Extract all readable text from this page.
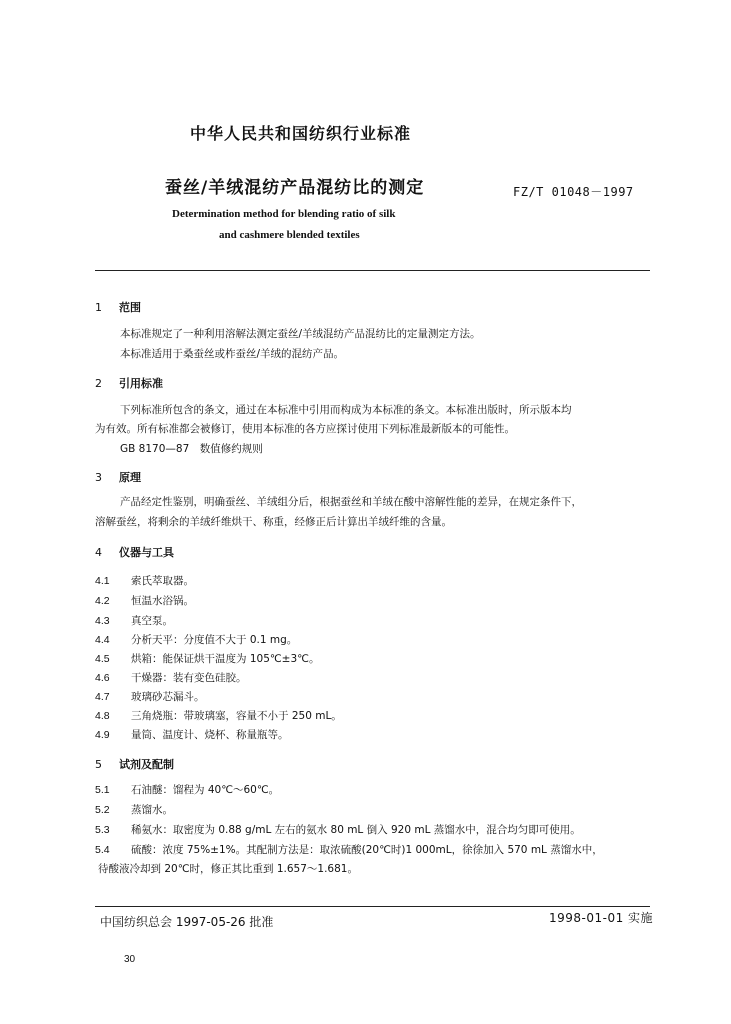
中华人民共和国纺织行业标准
蚕丝/羊绒混纺产品混纺比的测定	FZ/T 01048－1997
Determination method for blending ratio of silk
and cashmere blended textiles
1 范围
本标准规定了一种利用溶解法测定蚕丝/羊绒混纺产品混纺比的定量测定方法。
本标准适用于桑蚕丝或柞蚕丝/羊绒的混纺产品。
2 引用标准
下列标准所包含的条文，通过在本标准中引用而构成为本标准的条文。本标准出版时，所示版本均
为有效。所有标准都会被修订，使用本标准的各方应探讨使用下列标准最新版本的可能性。
GB 8170—87　数值修约规则
3 原理
产品经定性鉴别，明确蚕丝、羊绒组分后，根据蚕丝和羊绒在酸中溶解性能的差异，在规定条件下，
溶解蚕丝，将剩余的羊绒纤维烘干、称重，经修正后计算出羊绒纤维的含量。
4 仪器与工具
4.1 索氏萃取器。
4.2 恒温水浴锅。
4.3 真空泵。
4.4 分析天平：分度值不大于 0.1 mg。
4.5 烘箱：能保证烘干温度为 105℃±3℃。
4.6 干燥器：装有变色硅胶。
4.7 玻璃砂芯漏斗。
4.8 三角烧瓶：带玻璃塞，容量不小于 250 mL。
4.9 量筒、温度计、烧杯、称量瓶等。
5 试剂及配制
5.1 石油醚：馏程为 40℃～60℃。
5.2 蒸馏水。
5.3 稀氨水：取密度为 0.88 g/mL 左右的氨水 80 mL 倒入 920 mL 蒸馏水中，混合均匀即可使用。
5.4 硫酸：浓度 75%±1%。其配制方法是：取浓硫酸(20℃时)1 000mL，徐徐加入 570 mL 蒸馏水中，
待酸液冷却到 20℃时，修正其比重到 1.657～1.681。
中国纺织总会 1997-05-26 批准	1998-01-01 实施
30
